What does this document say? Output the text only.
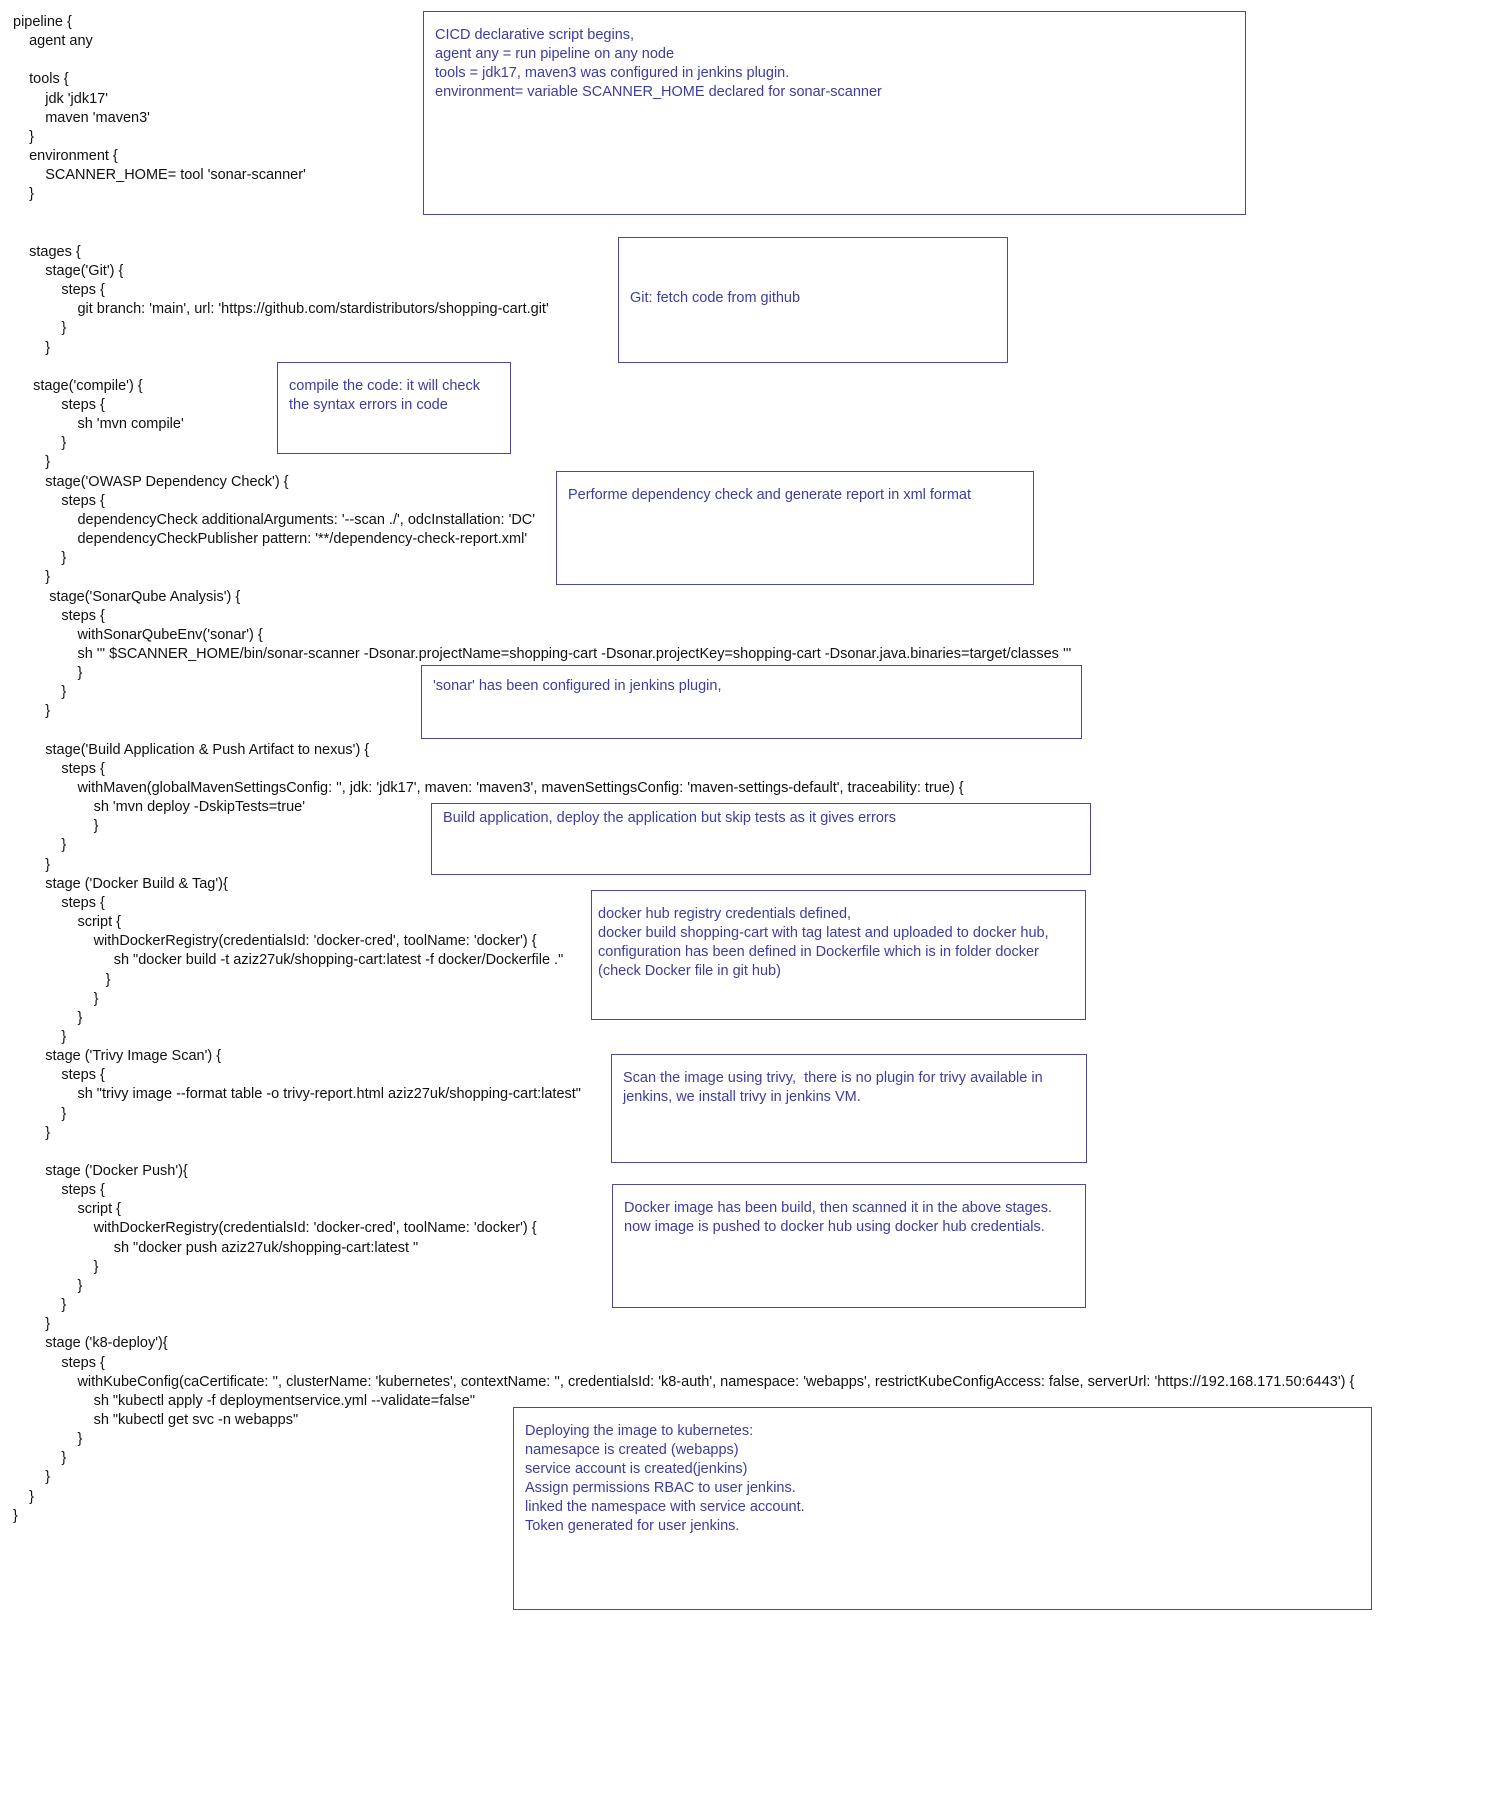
pipeline {
agent any
tools {
jdk 'jdk17'
maven 'maven3'
}
environment {
SCANNER_HOME= tool 'sonar-scanner'
}
stages {
stage('Git') {
steps {
git branch: 'main', url: 'https://github.com/stardistributors/shopping-cart.git'
}
}
stage('compile') {
steps {
sh 'mvn compile'
}
}
stage('OWASP Dependency Check') {
steps {
dependencyCheck additionalArguments: '--scan ./', odcInstallation: 'DC'
dependencyCheckPublisher pattern: '**/dependency-check-report.xml'
}
}
stage('SonarQube Analysis') {
steps {
withSonarQubeEnv('sonar') {
sh ''' $SCANNER_HOME/bin/sonar-scanner -Dsonar.projectName=shopping-cart -Dsonar.projectKey=shopping-cart -Dsonar.java.binaries=target/classes '''
}
}
}
stage('Build Application & Push Artifact to nexus') {
steps {
withMaven(globalMavenSettingsConfig: '', jdk: 'jdk17', maven: 'maven3', mavenSettingsConfig: 'maven-settings-default', traceability: true) {
sh 'mvn deploy -DskipTests=true'
}
}
}
stage ('Docker Build & Tag'){
steps {
script {
withDockerRegistry(credentialsId: 'docker-cred', toolName: 'docker') {
sh "docker build -t aziz27uk/shopping-cart:latest -f docker/Dockerfile ."
}
}
}
}
stage ('Trivy Image Scan') {
steps {
sh "trivy image --format table -o trivy-report.html aziz27uk/shopping-cart:latest"
}
}
stage ('Docker Push'){
steps {
script {
withDockerRegistry(credentialsId: 'docker-cred', toolName: 'docker') {
sh "docker push aziz27uk/shopping-cart:latest "
}
}
}
}
stage ('k8-deploy'){
steps {
withKubeConfig(caCertificate: '', clusterName: 'kubernetes', contextName: '', credentialsId: 'k8-auth', namespace: 'webapps', restrictKubeConfigAccess: false, serverUrl: 'https://192.168.171.50:6443') {
sh "kubectl apply -f deploymentservice.yml --validate=false"
sh "kubectl get svc -n webapps"
}
}
}
}
}
CICD declarative script begins,
agent any = run pipeline on any node
tools = jdk17, maven3 was configured in jenkins plugin.
environment= variable SCANNER_HOME declared for sonar-scanner
Git: fetch code from github
compile the code: it will check
the syntax errors in code
Performe dependency check and generate report in xml format
'sonar' has been configured in jenkins plugin,
Build application, deploy the application but skip tests as it gives errors
docker hub registry credentials defined,
docker build shopping-cart with tag latest and uploaded to docker hub,
configuration has been defined in Dockerfile which is in folder docker
(check Docker file in git hub)
Scan the image using trivy,  there is no plugin for trivy available in
jenkins, we install trivy in jenkins VM.
Docker image has been build, then scanned it in the above stages.
now image is pushed to docker hub using docker hub credentials.
Deploying the image to kubernetes:
namesapce is created (webapps)
service account is created(jenkins)
Assign permissions RBAC to user jenkins.
linked the namespace with service account.
Token generated for user jenkins.
